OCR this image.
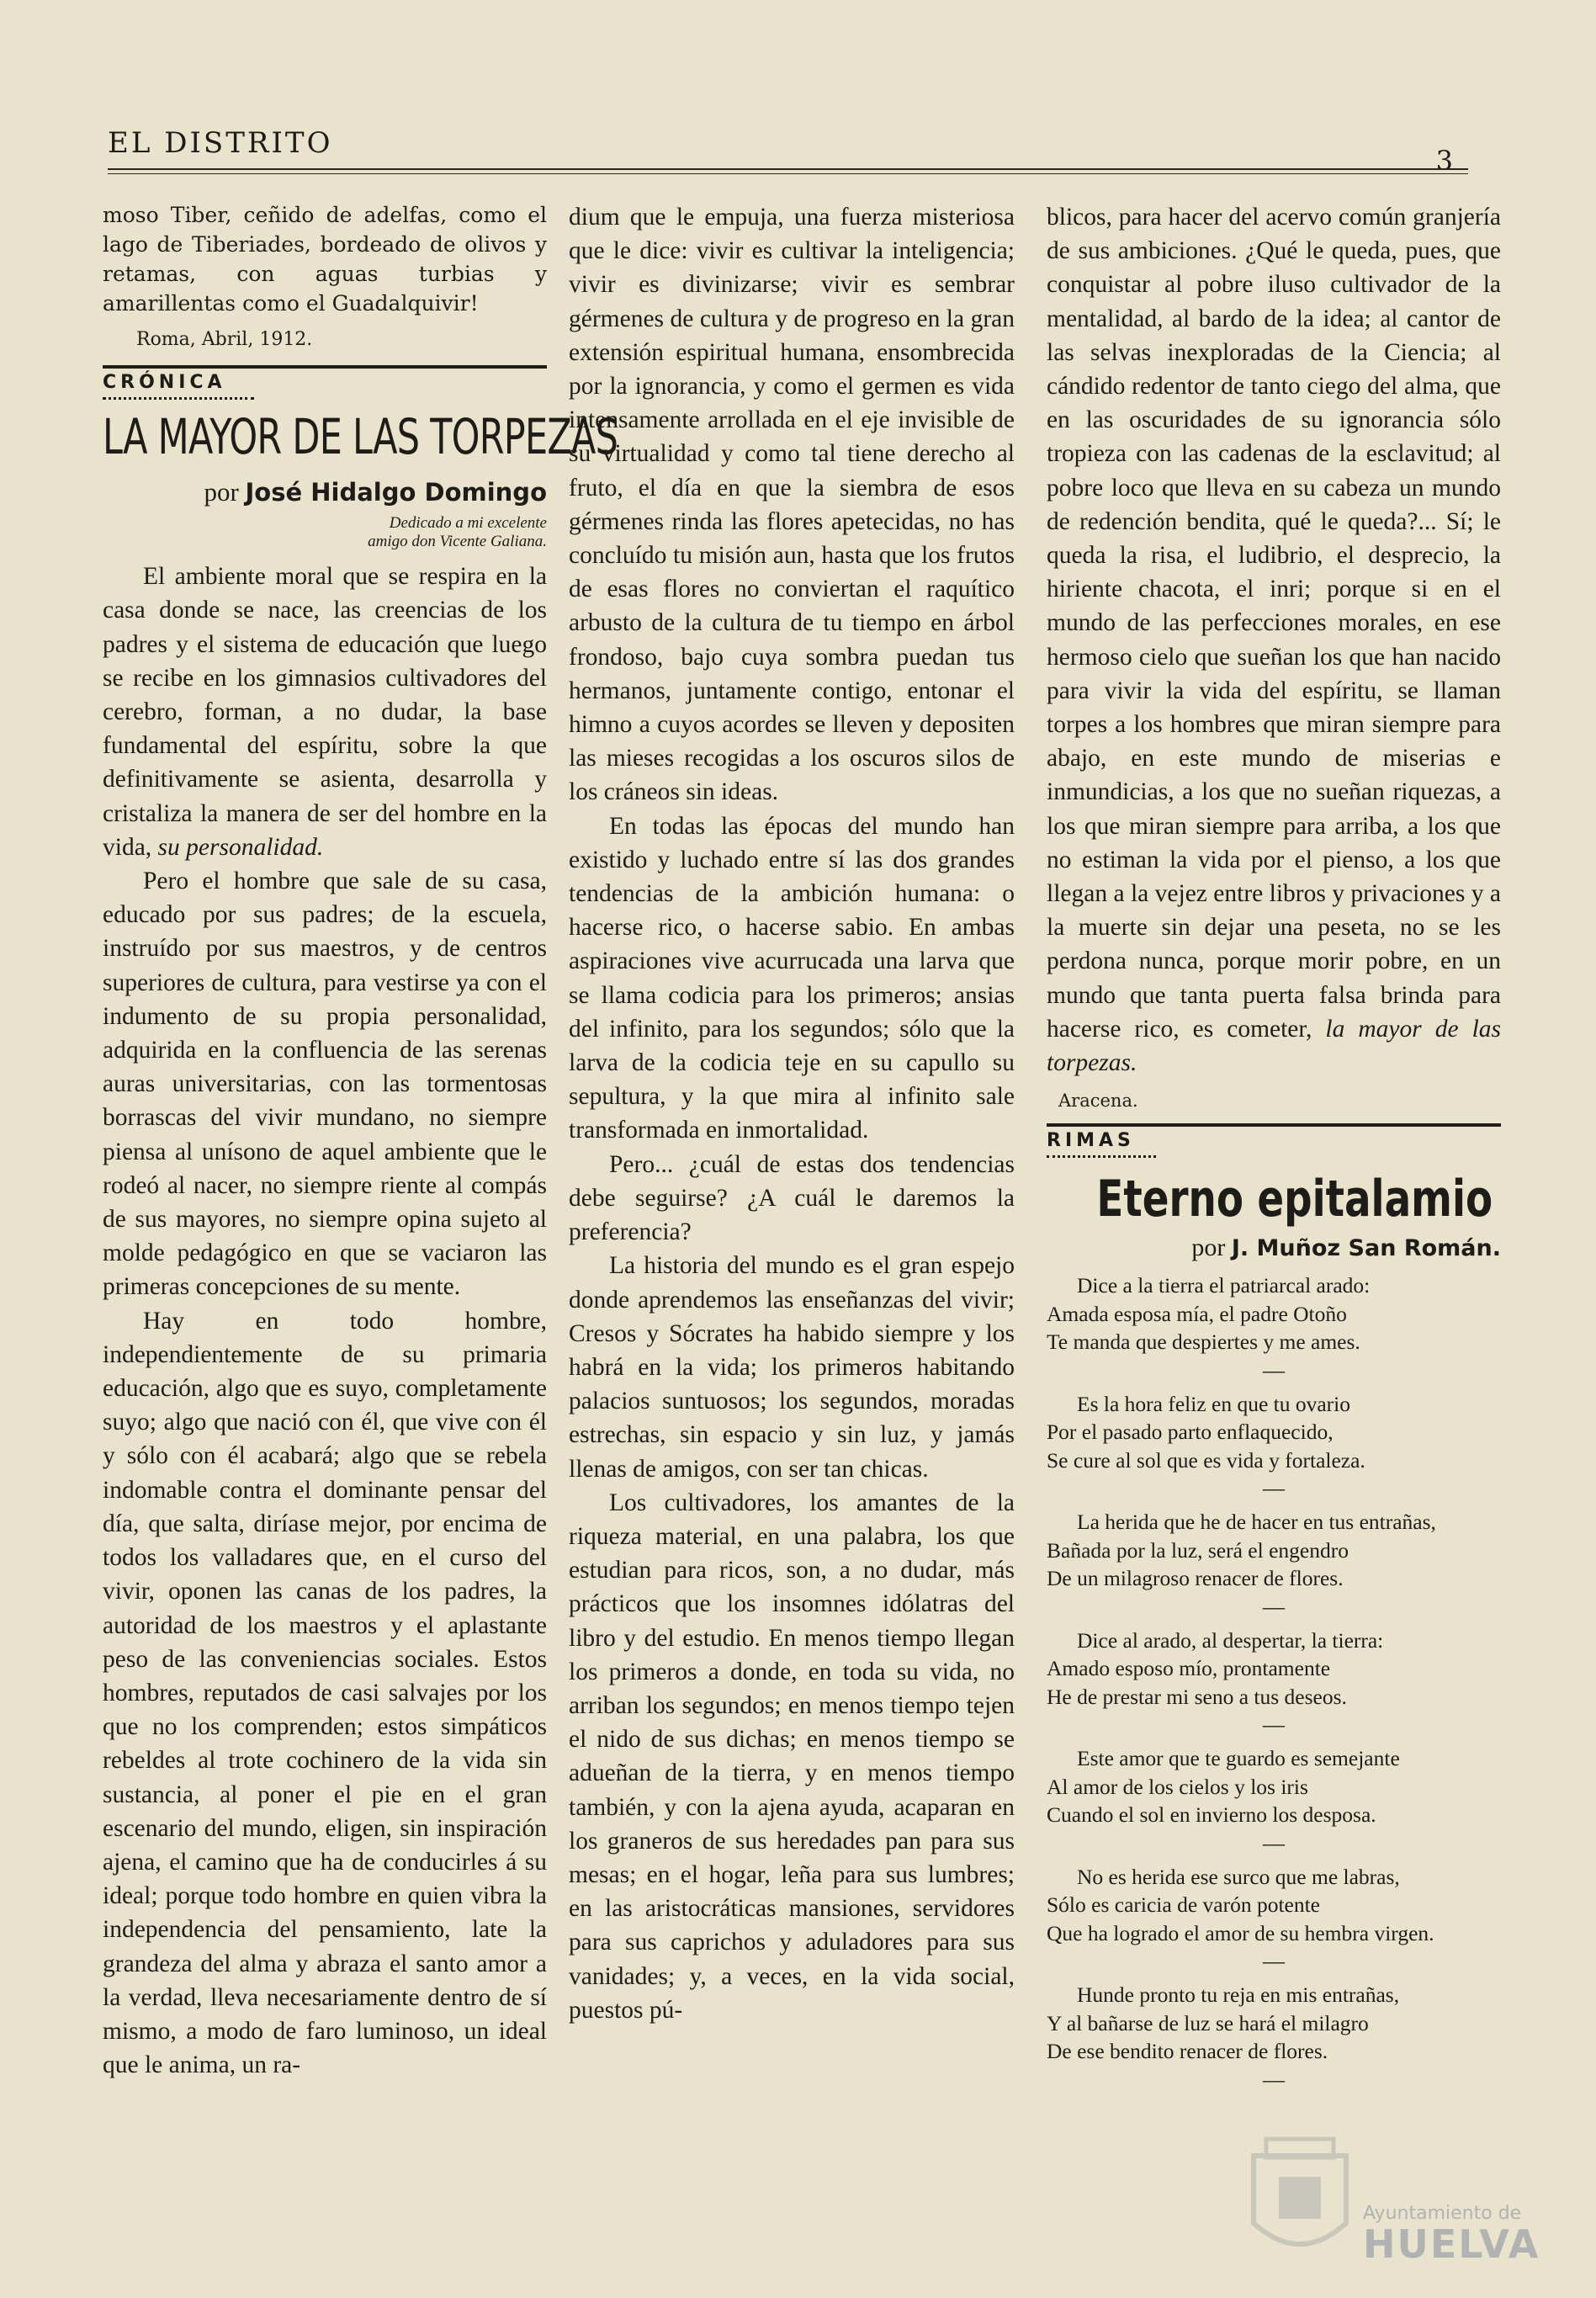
EL DISTRITO
3
moso Tiber, ceñido de adelfas, como el lago de Tiberiades, bordeado de olivos y retamas, con aguas turbias y amarillentas como el Guadalquivir!
Roma, Abril, 1912.
CRÓNICA
LA MAYOR DE LAS TORPEZAS
por José Hidalgo Domingo
Dedicado a mi excelente
amigo don Vicente Galiana.

El ambiente moral que se respira en la casa donde se nace, las creencias de los padres y el sistema de educación que luego se recibe en los gimnasios cultivadores del cerebro, forman, a no dudar, la base fundamental del espíritu, sobre la que definitivamente se asienta, desarrolla y cristaliza la manera de ser del hombre en la vida, su personalidad.

Pero el hombre que sale de su casa, educado por sus padres; de la escuela, instruído por sus maestros, y de centros superiores de cultura, para vestirse ya con el indumento de su propia personalidad, adquirida en la confluencia de las serenas auras universitarias, con las tormentosas borrascas del vivir mundano, no siempre piensa al unísono de aquel ambiente que le rodeó al nacer, no siempre riente al compás de sus mayores, no siempre opina sujeto al molde pedagógico en que se vaciaron las primeras concepciones de su mente.

Hay en todo hombre, independientemente de su primaria educación, algo que es suyo, completamente suyo; algo que nació con él, que vive con él y sólo con él acabará; algo que se rebela indomable contra el dominante pensar del día, que salta, diríase mejor, por encima de todos los valladares que, en el curso del vivir, oponen las canas de los padres, la autoridad de los maestros y el aplastante peso de las conveniencias sociales. Estos hombres, reputados de casi salvajes por los que no los comprenden; estos simpáticos rebeldes al trote cochinero de la vida sin sustancia, al poner el pie en el gran escenario del mundo, eligen, sin inspiración ajena, el camino que ha de conducirles á su ideal; porque todo hombre en quien vibra la independencia del pensamiento, late la grandeza del alma y abraza el santo amor a la verdad, lleva necesariamente dentro de sí mismo, a modo de faro luminoso, un ideal que le anima, un ra-

dium que le empuja, una fuerza misteriosa que le dice: vivir es cultivar la inteligencia; vivir es divinizarse; vivir es sembrar gérmenes de cultura y de progreso en la gran extensión espiritual humana, ensombrecida por la ignorancia, y como el germen es vida intensamente arrollada en el eje invisible de su virtualidad y como tal tiene derecho al fruto, el día en que la siembra de esos gérmenes rinda las flores apetecidas, no has concluído tu misión aun, hasta que los frutos de esas flores no conviertan el raquítico arbusto de la cultura de tu tiempo en árbol frondoso, bajo cuya sombra puedan tus hermanos, juntamente contigo, entonar el himno a cuyos acordes se lleven y depositen las mieses recogidas a los oscuros silos de los cráneos sin ideas.

En todas las épocas del mundo han existido y luchado entre sí las dos grandes tendencias de la ambición humana: o hacerse rico, o hacerse sabio. En ambas aspiraciones vive acurrucada una larva que se llama codicia para los primeros; ansias del infinito, para los segundos; sólo que la larva de la codicia teje en su capullo su sepultura, y la que mira al infinito sale transformada en inmortalidad.

Pero... ¿cuál de estas dos tendencias debe seguirse? ¿A cuál le daremos la preferencia?

La historia del mundo es el gran espejo donde aprendemos las enseñanzas del vivir; Cresos y Sócrates ha habido siempre y los habrá en la vida; los primeros habitando palacios suntuosos; los segundos, moradas estrechas, sin espacio y sin luz, y jamás llenas de amigos, con ser tan chicas.

Los cultivadores, los amantes de la riqueza material, en una palabra, los que estudian para ricos, son, a no dudar, más prácticos que los insomnes idólatras del libro y del estudio. En menos tiempo llegan los primeros a donde, en toda su vida, no arriban los segundos; en menos tiempo tejen el nido de sus dichas; en menos tiempo se adueñan de la tierra, y en menos tiempo también, y con la ajena ayuda, acaparan en los graneros de sus heredades pan para sus mesas; en el hogar, leña para sus lumbres; en las aristocráticas mansiones, servidores para sus caprichos y aduladores para sus vanidades; y, a veces, en la vida social, puestos pú-

blicos, para hacer del acervo común granjería de sus ambiciones. ¿Qué le queda, pues, que conquistar al pobre iluso cultivador de la mentalidad, al bardo de la idea; al cantor de las selvas inexploradas de la Ciencia; al cándido redentor de tanto ciego del alma, que en las oscuridades de su ignorancia sólo tropieza con las cadenas de la esclavitud; al pobre loco que lleva en su cabeza un mundo de redención bendita, qué le queda?... Sí; le queda la risa, el ludibrio, el desprecio, la hiriente chacota, el inri; porque si en el mundo de las perfecciones morales, en ese hermoso cielo que sueñan los que han nacido para vivir la vida del espíritu, se llaman torpes a los hombres que miran siempre para abajo, en este mundo de miserias e inmundicias, a los que no sueñan riquezas, a los que miran siempre para arriba, a los que no estiman la vida por el pienso, a los que llegan a la vejez entre libros y privaciones y a la muerte sin dejar una peseta, no se les perdona nunca, porque morir pobre, en un mundo que tanta puerta falsa brinda para hacerse rico, es cometer, la mayor de las torpezas.

Aracena.
RIMAS
Eterno epitalamio
por J. Muñoz San Román.
Dice a la tierra el patriarcal arado:
Amada esposa mía, el padre Otoño
Te manda que despiertes y me ames.
—
Es la hora feliz en que tu ovario
Por el pasado parto enflaquecido,
Se cure al sol que es vida y fortaleza.
—
La herida que he de hacer en tus entrañas,
Bañada por la luz, será el engendro
De un milagroso renacer de flores.
—
Dice al arado, al despertar, la tierra:
Amado esposo mío, prontamente
He de prestar mi seno a tus deseos.
—
Este amor que te guardo es semejante
Al amor de los cielos y los iris
Cuando el sol en invierno los desposa.
—
No es herida ese surco que me labras,
Sólo es caricia de varón potente
Que ha logrado el amor de su hembra virgen.
—
Hunde pronto tu reja en mis entrañas,
Y al bañarse de luz se hará el milagro
De ese bendito renacer de flores.
—
Ayuntamiento de
HUELVA
